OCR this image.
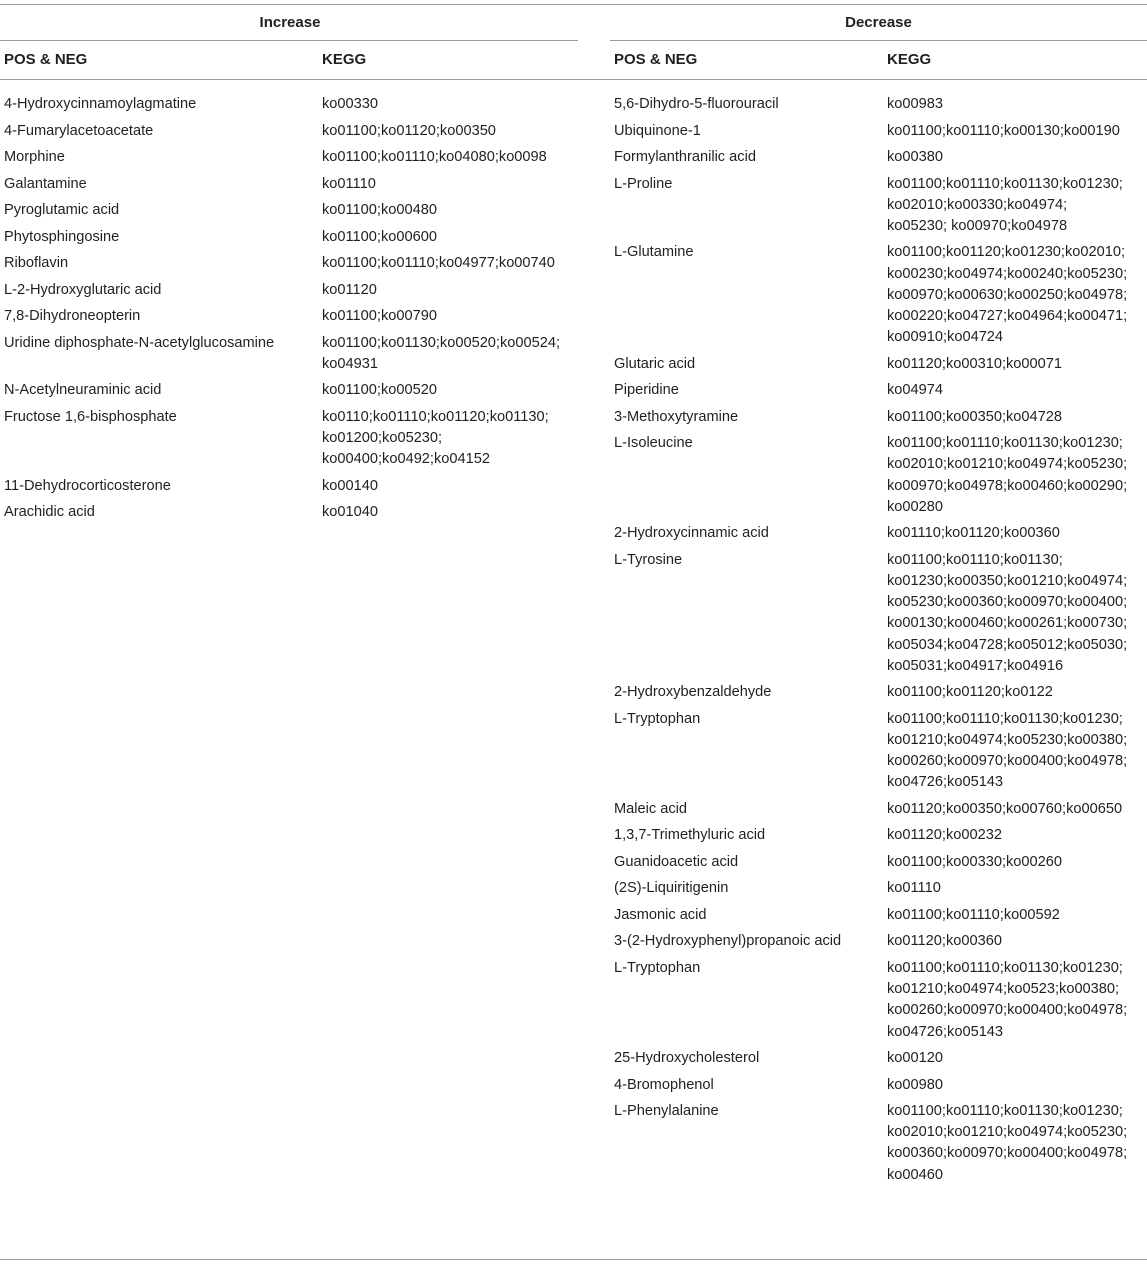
Increase	Decrease
POS & NEG	KEGG	POS & NEG	KEGG
4-Hydroxycinnamoylagmatine	ko00330
4-Fumarylacetoacetate	ko01100;ko01120;ko00350
Morphine	ko01100;ko01110;ko04080;ko0098
Galantamine	ko01110
Pyroglutamic acid	ko01100;ko00480
Phytosphingosine	ko01100;ko00600
Riboflavin	ko01100;ko01110;ko04977;ko00740
L-2-Hydroxyglutaric acid	ko01120
7,8-Dihydroneopterin	ko01100;ko00790
Uridine diphosphate-N-acetylglucosamine	ko01100;ko01130;ko00520;ko00524;
ko04931
N-Acetylneuraminic acid	ko01100;ko00520
Fructose 1,6-bisphosphate	ko0110;ko01110;ko01120;ko01130;
ko01200;ko05230;
ko00400;ko0492;ko04152
11-Dehydrocorticosterone	ko00140
Arachidic acid	ko01040
5,6-Dihydro-5-fluorouracil	ko00983
Ubiquinone-1	ko01100;ko01110;ko00130;ko00190
Formylanthranilic acid	ko00380
L-Proline	ko01100;ko01110;ko01130;ko01230;
ko02010;ko00330;ko04974;
ko05230; ko00970;ko04978
L-Glutamine	ko01100;ko01120;ko01230;ko02010;
ko00230;ko04974;ko00240;ko05230;
ko00970;ko00630;ko00250;ko04978;
ko00220;ko04727;ko04964;ko00471;
ko00910;ko04724
Glutaric acid	ko01120;ko00310;ko00071
Piperidine	ko04974
3-Methoxytyramine	ko01100;ko00350;ko04728
L-Isoleucine	ko01100;ko01110;ko01130;ko01230;
ko02010;ko01210;ko04974;ko05230;
ko00970;ko04978;ko00460;ko00290;
ko00280
2-Hydroxycinnamic acid	ko01110;ko01120;ko00360
L-Tyrosine	ko01100;ko01110;ko01130;
ko01230;ko00350;ko01210;ko04974;
ko05230;ko00360;ko00970;ko00400;
ko00130;ko00460;ko00261;ko00730;
ko05034;ko04728;ko05012;ko05030;
ko05031;ko04917;ko04916
2-Hydroxybenzaldehyde	ko01100;ko01120;ko0122
L-Tryptophan	ko01100;ko01110;ko01130;ko01230;
ko01210;ko04974;ko05230;ko00380;
ko00260;ko00970;ko00400;ko04978;
ko04726;ko05143
Maleic acid	ko01120;ko00350;ko00760;ko00650
1,3,7-Trimethyluric acid	ko01120;ko00232
Guanidoacetic acid	ko01100;ko00330;ko00260
(2S)-Liquiritigenin	ko01110
Jasmonic acid	ko01100;ko01110;ko00592
3-(2-Hydroxyphenyl)propanoic acid	ko01120;ko00360
L-Tryptophan	ko01100;ko01110;ko01130;ko01230;
ko01210;ko04974;ko0523;ko00380;
ko00260;ko00970;ko00400;ko04978;
ko04726;ko05143
25-Hydroxycholesterol	ko00120
4-Bromophenol	ko00980
L-Phenylalanine	ko01100;ko01110;ko01130;ko01230;
ko02010;ko01210;ko04974;ko05230;
ko00360;ko00970;ko00400;ko04978;
ko00460
